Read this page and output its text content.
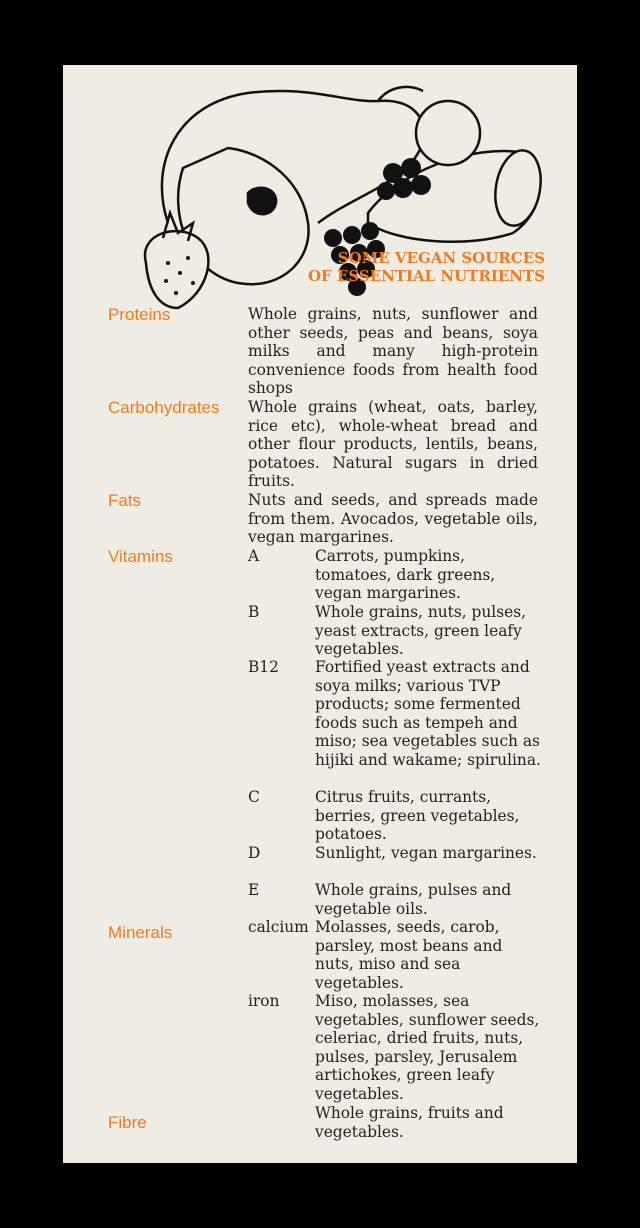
SOME VEGAN SOURCES
OF ESSENTIAL NUTRIENTS
Proteins	Whole grains, nuts, sunflower and other seeds, peas and beans, soya milks and many high-protein convenience foods from health food shops
Carbohydrates Whole grains (wheat, oats, barley, rice etc), whole-wheat bread and other flour products, lentils, beans, potatoes. Natural sugars in dried fruits.
Fats	Nuts and seeds, and spreads made from them. Avocados, vegetable oils, vegan margarines.
Vitamins	A	Carrots, pumpkins, tomatoes, dark greens, vegan margarines.
B	Whole grains, nuts, pulses, yeast extracts, green leafy vegetables.
B12 Fortified yeast extracts and soya milks; various TVP products; some fermented foods such as tempeh and miso; sea vegetables such as hijiki and wakame; spirulina.
C	Citrus fruits, currants, berries, green vegetables, potatoes.
D	Sunlight, vegan margarines.
E	Whole grains, pulses and vegetable oils.
Minerals	calcium Molasses, seeds, carob, parsley, most beans and nuts, miso and sea vegetables.
iron Miso, molasses, sea vegetables, sunflower seeds, celeriac, dried fruits, nuts, pulses, parsley, Jerusalem artichokes, green leafy vegetables.
Fibre	Whole grains, fruits and vegetables.
